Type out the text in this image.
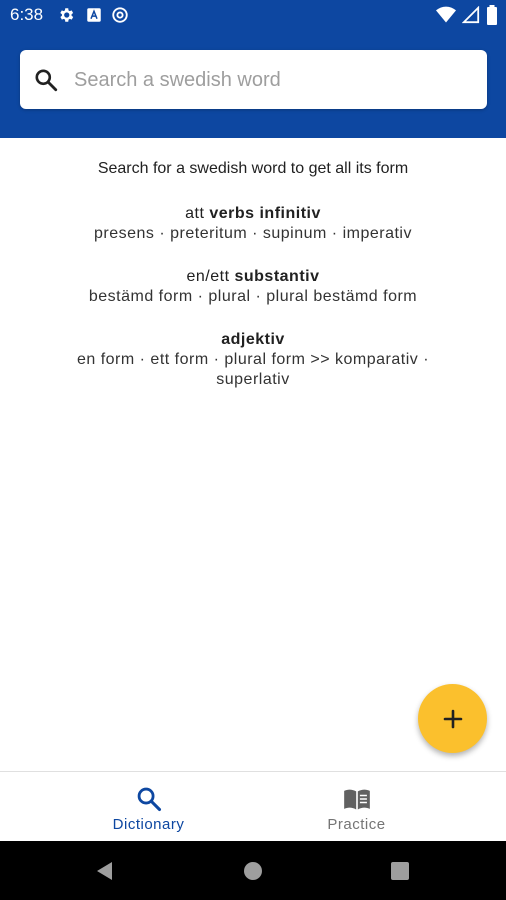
6:38
Search a swedish word
Search for a swedish word to get all its form
att verbs infinitiv
presens · preteritum · supinum · imperativ
en/ett substantiv
bestämd form · plural · plural bestämd form
adjektiv
en form · ett form · plural form >> komparativ · superlativ
Dictionary	Practice
